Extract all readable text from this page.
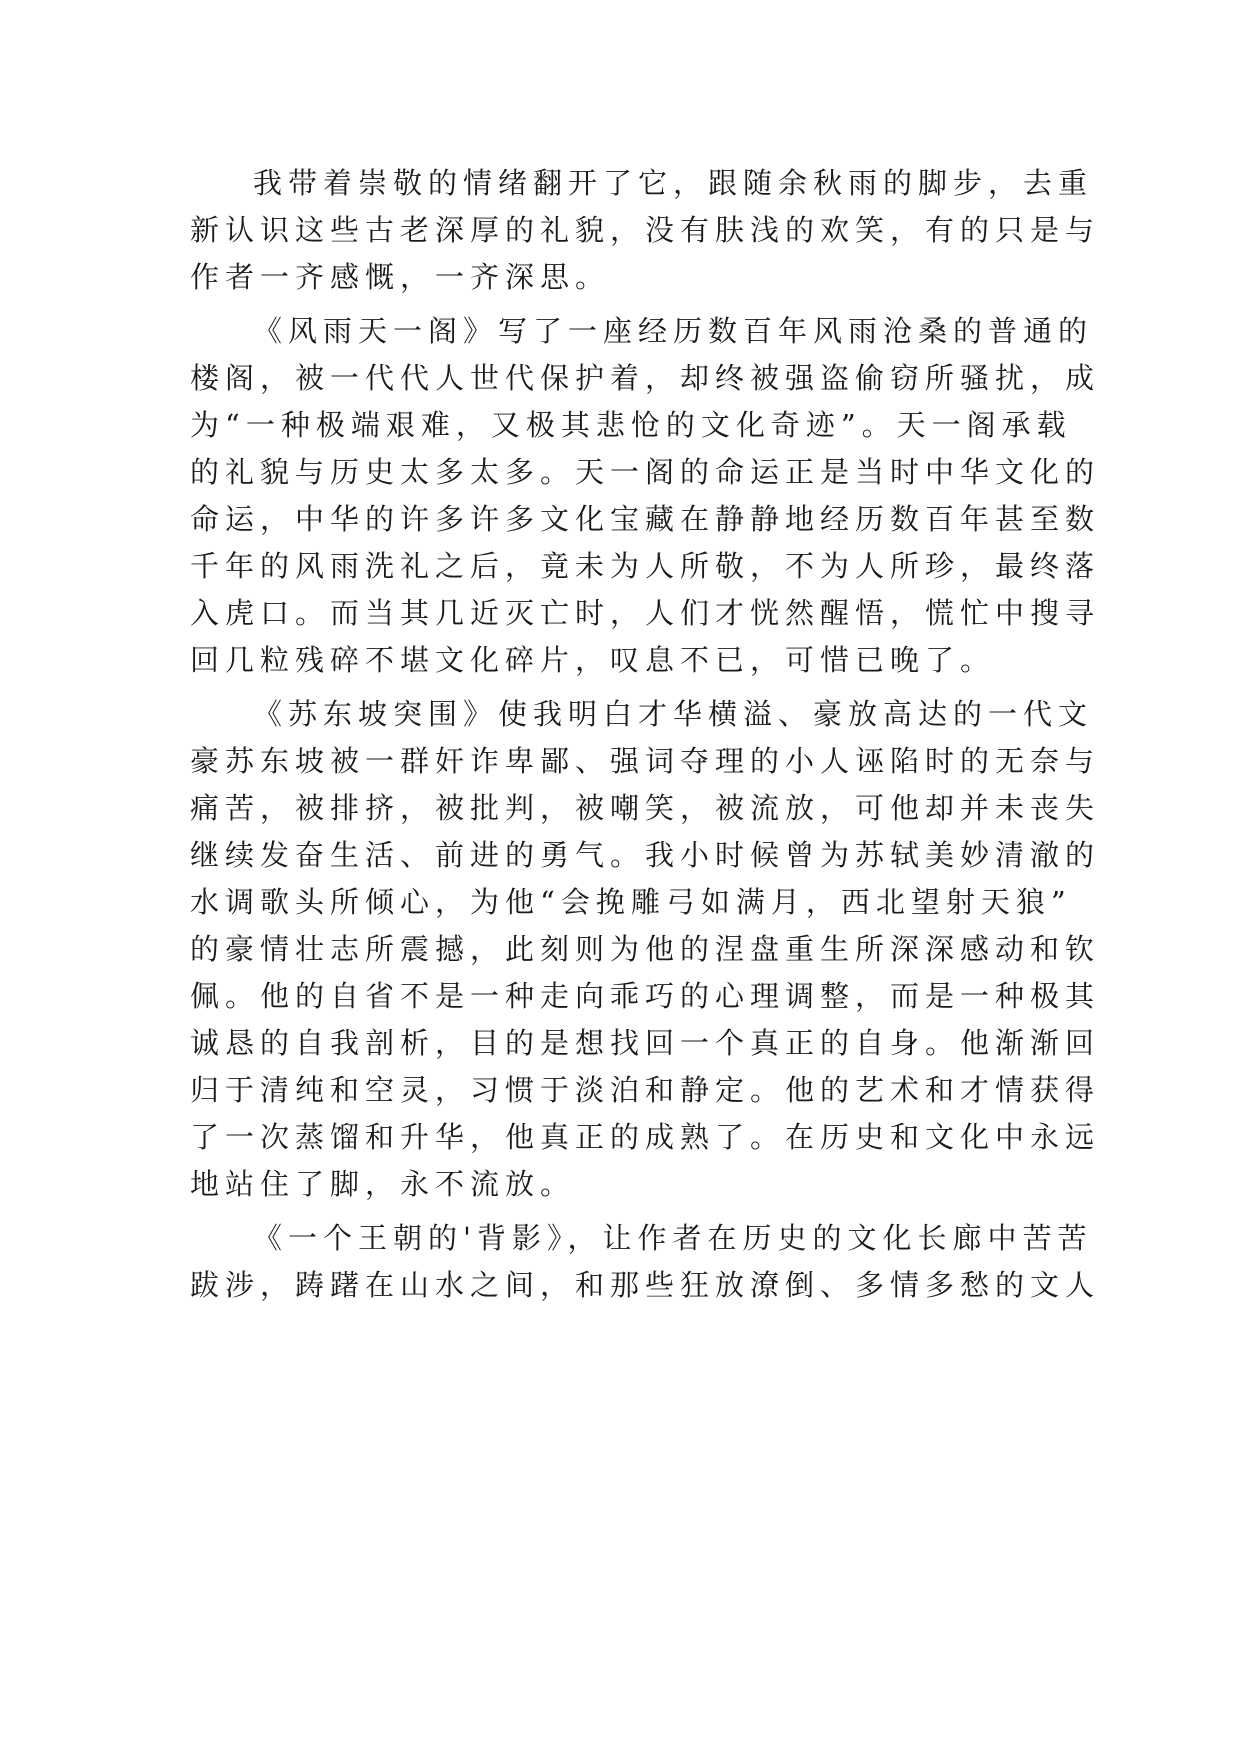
我带着崇敬的情绪翻开了它，跟随余秋雨的脚步，去重
新认识这些古老深厚的礼貌，没有肤浅的欢笑，有的只是与
作者一齐感慨，一齐深思。
《风雨天一阁》写了一座经历数百年风雨沧桑的普通的
楼阁，被一代代人世代保护着，却终被强盗偷窃所骚扰，成
为“一种极端艰难，又极其悲怆的文化奇迹”。天一阁承载
的礼貌与历史太多太多。天一阁的命运正是当时中华文化的
命运，中华的许多许多文化宝藏在静静地经历数百年甚至数
千年的风雨洗礼之后，竟未为人所敬，不为人所珍，最终落
入虎口。而当其几近灭亡时，人们才恍然醒悟，慌忙中搜寻
回几粒残碎不堪文化碎片，叹息不已，可惜已晚了。
《苏东坡突围》使我明白才华横溢、豪放高达的一代文
豪苏东坡被一群奸诈卑鄙、强词夺理的小人诬陷时的无奈与
痛苦，被排挤，被批判，被嘲笑，被流放，可他却并未丧失
继续发奋生活、前进的勇气。我小时候曾为苏轼美妙清澈的
水调歌头所倾心，为他“会挽雕弓如满月，西北望射天狼”
的豪情壮志所震撼，此刻则为他的涅盘重生所深深感动和钦
佩。他的自省不是一种走向乖巧的心理调整，而是一种极其
诚恳的自我剖析，目的是想找回一个真正的自身。他渐渐回
归于清纯和空灵，习惯于淡泊和静定。他的艺术和才情获得
了一次蒸馏和升华，他真正的成熟了。在历史和文化中永远
地站住了脚，永不流放。
《一个王朝的'背影》，让作者在历史的文化长廊中苦苦
跋涉，踌躇在山水之间，和那些狂放潦倒、多情多愁的文人
